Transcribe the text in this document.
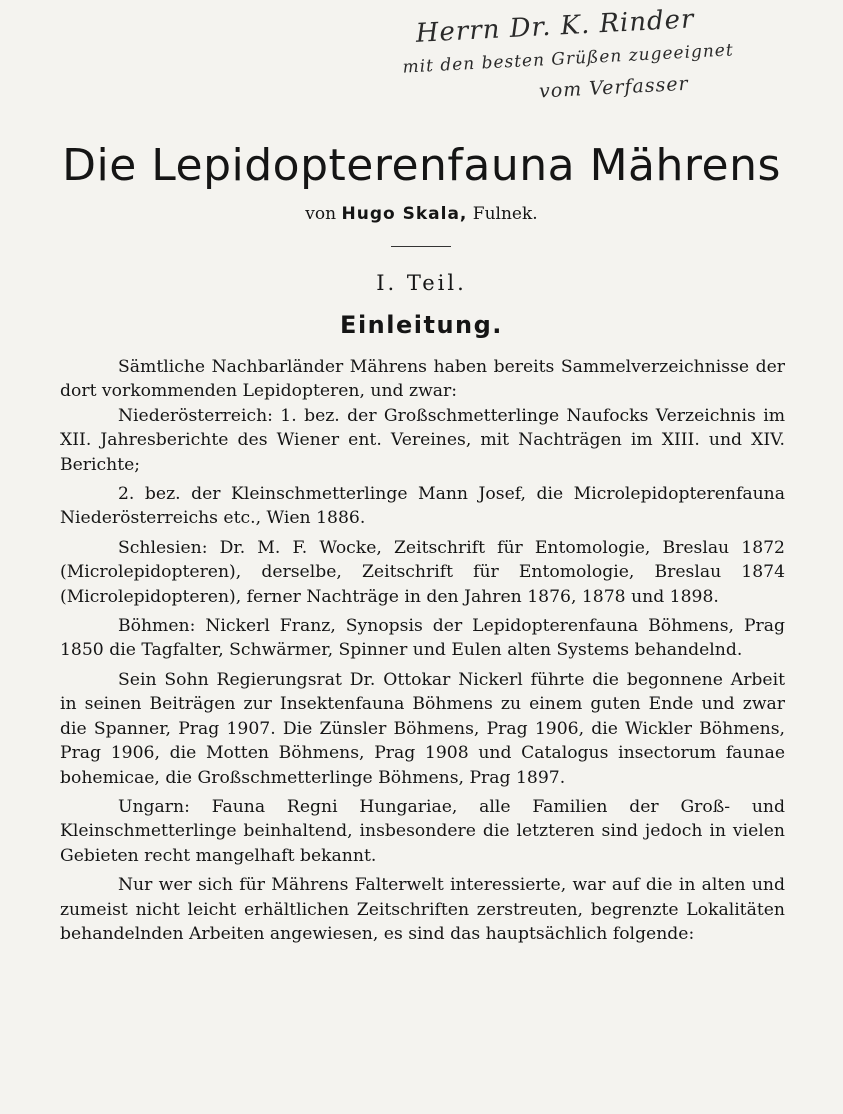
Herrn Dr. K. Rinder
mit den besten Grüßen zugeeignet
vom Verfasser
Die Lepidopterenfauna Mährens

von Hugo Skala, Fulnek.

I. Teil.

Einleitung.

Sämtliche Nachbarländer Mährens haben bereits Sammelverzeichnisse der dort vorkommenden Lepidopteren, und zwar:

Niederösterreich: 1. bez. der Großschmetterlinge Naufocks Verzeichnis im XII. Jahresberichte des Wiener ent. Vereines, mit Nachträgen im XIII. und XIV. Berichte;

2. bez. der Kleinschmetterlinge Mann Josef, die Microlepidopterenfauna Niederösterreichs etc., Wien 1886.

Schlesien: Dr. M. F. Wocke, Zeitschrift für Entomologie, Breslau 1872 (Microlepidopteren), derselbe, Zeitschrift für Entomologie, Breslau 1874 (Microlepidopteren), ferner Nachträge in den Jahren 1876, 1878 und 1898.

Böhmen: Nickerl Franz, Synopsis der Lepidopterenfauna Böhmens, Prag 1850 die Tagfalter, Schwärmer, Spinner und Eulen alten Systems behandelnd.

Sein Sohn Regierungsrat Dr. Ottokar Nickerl führte die begonnene Arbeit in seinen Beiträgen zur Insektenfauna Böhmens zu einem guten Ende und zwar die Spanner, Prag 1907. Die Zünsler Böhmens, Prag 1906, die Wickler Böhmens, Prag 1906, die Motten Böhmens, Prag 1908 und Catalogus insectorum faunae bohemicae, die Großschmetterlinge Böhmens, Prag 1897.

Ungarn: Fauna Regni Hungariae, alle Familien der Groß- und Kleinschmetterlinge beinhaltend, insbesondere die letzteren sind jedoch in vielen Gebieten recht mangelhaft bekannt.

Nur wer sich für Mährens Falterwelt interessierte, war auf die in alten und zumeist nicht leicht erhältlichen Zeitschriften zerstreuten, begrenzte Lokalitäten behandelnden Arbeiten angewiesen, es sind das hauptsächlich folgende:
